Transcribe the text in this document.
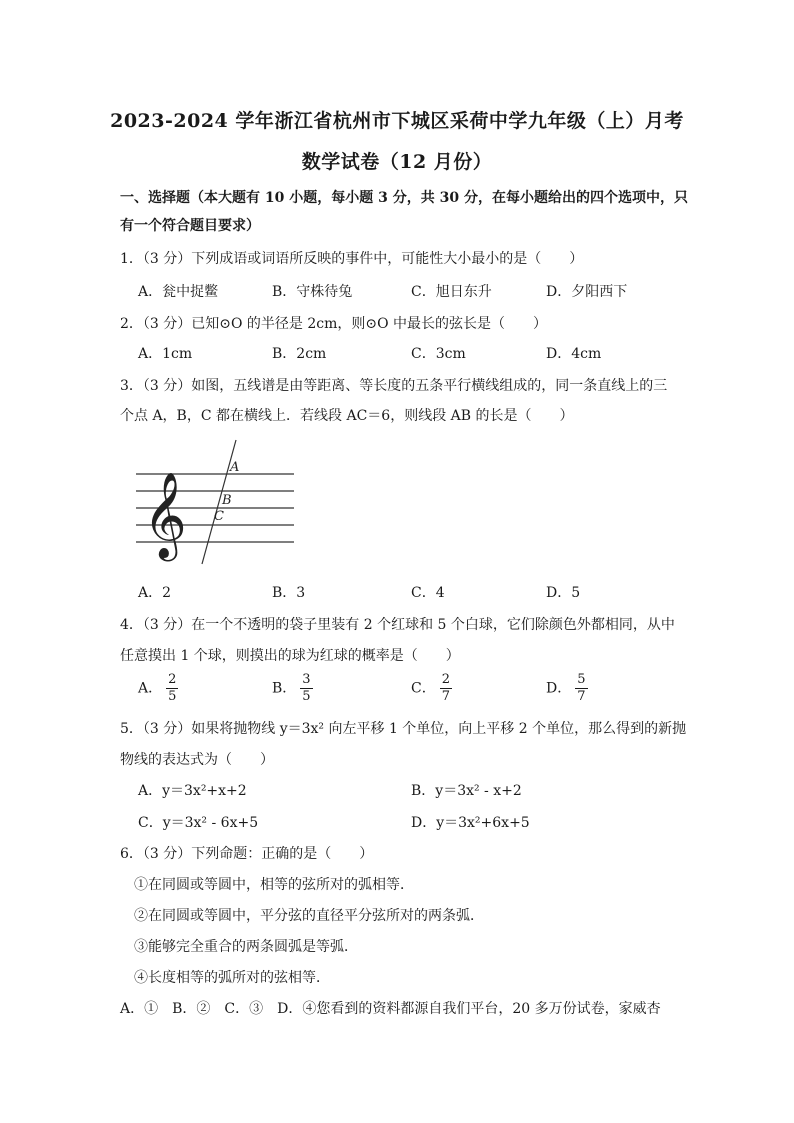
2023-2024 学年浙江省杭州市下城区采荷中学九年级（上）月考
数学试卷（12 月份）
一、选择题（本大题有 10 小题，每小题 3 分，共 30 分，在每小题给出的四个选项中，只
有一个符合题目要求）
1．（3 分）下列成语或词语所反映的事件中，可能性大小最小的是（　　）
A．瓮中捉鳖	B．守株待兔	C．旭日东升	D．夕阳西下
2．（3 分）已知⊙O 的半径是 2cm，则⊙O 中最长的弦长是（　　）
A．1cm	B．2cm	C．3cm	D．4cm
3．（3 分）如图，五线谱是由等距离、等长度的五条平行横线组成的，同一条直线上的三
个点 A，B，C 都在横线上．若线段 AC＝6，则线段 AB 的长是（　　）
𝄞
A
B
C
A．2	B．3	C．4	D．5
4．（3 分）在一个不透明的袋子里装有 2 个红球和 5 个白球，它们除颜色外都相同，从中
任意摸出 1 个球，则摸出的球为红球的概率是（　　）
A． $\frac{2}{5}$	B． $\frac{3}{5}$	C． $\frac{2}{7}$	D． $\frac{5}{7}$
5．（3 分）如果将抛物线 y＝3x² 向左平移 1 个单位，向上平移 2 个单位，那么得到的新抛
物线的表达式为（　　）
A．y＝3x²+x+2	B．y＝3x² - x+2
C．y＝3x² - 6x+5	D．y＝3x²+6x+5
6．（3 分）下列命题：正确的是（　　）
①在同圆或等圆中，相等的弦所对的弧相等．
②在同圆或等圆中，平分弦的直径平分弦所对的两条弧．
③能够完全重合的两条圆弧是等弧．
④长度相等的弧所对的弦相等．
A．①　B．②　C．③　D．④您看到的资料都源自我们平台，20 多万份试卷，家威杏
